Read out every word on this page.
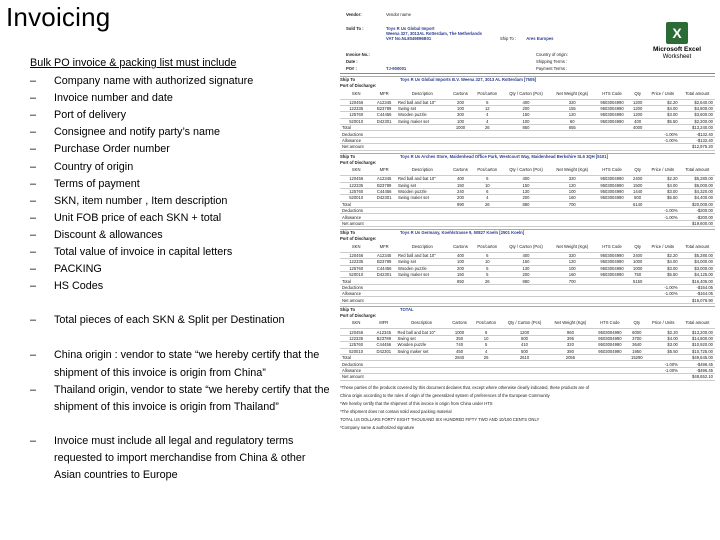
Invoicing
Bulk PO invoice & packing list must include
–	Company name with authorized signature
–	Invoice number and date
–	Port of delivery
–	Consignee and notify party’s name
–	Purchase Order number
–	Country of origin
–	Terms of payment
–	SKN, item number , Item description
–	Unit FOB price of each SKN + total
–	Discount & allowances
–	Total value of invoice in capital letters
–	PACKING
–	HS Codes
–	Total pieces of each SKN & Split per Destination
–	China origin : vendor to state “we hereby certify that the shipment of this invoice is origin from China”
–	Thailand origin, vendor to state “we hereby certify that the shipment of this invoice is origin from Thailand”
–	Invoice must include all legal and regulatory terms requested to import merchandise from China & other Asian countries to Europe
Vendor:	Vendor name
Sold To :	Toys R Us Global Import
Weena 327, 3013AL Rotterdam, The Netherlands
VAT No.NL8049896B01	Ship To : Ares Europes
Invoice No.:
Date :
PO# :	TJ-900001
Country of origin:
Shipping Terms :
Payment Terms :
X
Microsoft Excel
Worksheet
Ship To	Toys R Us Global Imports B.V. Weena 327, 3013 AL Rotterdam [7505]
Port of Discharge:
SKN	MFR	Description	Cartons	Pcs/carton	Qty / Carton (Pcs)	Net Weight (Kgs)	HTS Code	Qty	Price / Units	Total amount
120456	A12345	Red ball and bat 10"	200	6	400	320	9503004990	1200	$2.20	$2,640.00
122335	B23789	Swing set	100	12	200	155	9503004990	1200	$4.00	$4,800.00
125760	C44456	Wooden puzzle	300	4	150	120	9503004990	1200	$3.00	$3,600.00
520010	D42301	Swing maker set	100	4	100	60	9503004990	400	$5.50	$2,200.00
Total			1000	26	850	655		4000		$13,240.00
Deductions									-1.00%	-$132.40
Allowance									-1.00%	-$132.40
Net amount										$12,975.20
Ship To	Toys R Us Arches Store, Maidenhead Office Park, Westcourt Way, Maidenhead Berkshire SL6 3QH [5101]
Port of Discharge:
SKN	MFR	Description	Cartons	Pcs/carton	Qty / Carton (Pcs)	Net Weight (Kgs)	HTS Code	Qty	Price / Units	Total amount
120456	A12345	Red ball and bat 10"	400	6	400	320	9503004990	2400	$2.20	$5,280.00
122335	B23789	Swing set	150	10	150	120	9503004990	1500	$4.00	$6,000.00
125760	C44456	Wooden puzzle	240	6	130	100	9503004990	1440	$3.00	$4,320.00
520010	D42301	Swing maker set	200	4	200	160	9503004990	800	$5.50	$4,400.00
Total			990	26	880	700		6140		$20,000.00
Deductions									-1.00%	-$200.00
Allowance									-1.00%	-$200.00
Net amount										$19,600.00
Ship To	Toys R Us Germany, Koehlstrasse 9, 50827 Koeln [2501 Koeln]
Port of Discharge:
SKN	MFR	Description	Cartons	Pcs/carton	Qty / Carton (Pcs)	Net Weight (Kgs)	HTS Code	Qty	Price / Units	Total amount
120456	A12345	Red ball and bat 10"	400	6	400	320	9503004990	2400	$2.20	$5,280.00
122335	B23789	Swing set	100	10	150	120	9503004990	1000	$4.00	$4,000.00
125760	C44456	Wooden puzzle	200	5	130	100	9503004990	1000	$3.00	$3,000.00
520010	D42301	Swing maker set	150	5	200	160	9503004990	750	$5.50	$4,125.00
Total			850	26	880	700		5150		$16,405.00
Deductions									-1.00%	-$164.05
Allowance									-1.00%	-$164.05
Net amount										$16,076.90
Ship To	TOTAL
Port of Discharge:
SKN	MFR	Description	Cartons	Pcs/carton	Qty / Carton (Pcs)	Net Weight (Kgs)	HTS Code	Qty	Price / Units	Total amount
120456	A12345	Red ball and bat 10"	1000	6	1200	960	9503004990	6000	$2.20	$13,200.00
122335	B23789	Swing set	350	10	500	395	9503004990	3700	$4.00	$14,800.00
125760	C44456	Wooden puzzle	740	5	410	320	9503004990	3640	$3.00	$10,920.00
520010	D42301	Swing maker set	450	4	500	380	9503004990	1950	$5.50	$10,725.00
Total			2840	26	2610	2055		15290		$49,645.00
Deductions									-1.00%	-$496.45
Allowance									-1.00%	-$496.45
Net amount										$48,652.10
*These parties of the products covered by this document declares that, except where otherwise clearly indicated, these products are of
China origin according to the rules of origin of the generalized system of preferences of the European Community
*We hereby certify that the shipment of this invoice is origin from China under HTS
*The shipment does not contain solid wood packing material
TOTAL US DOLLARS FORTY EIGHT THOUSAND SIX HUNDRED FIFTY TWO AND 10/100 CENTS ONLY
*Company name & authorized signature
